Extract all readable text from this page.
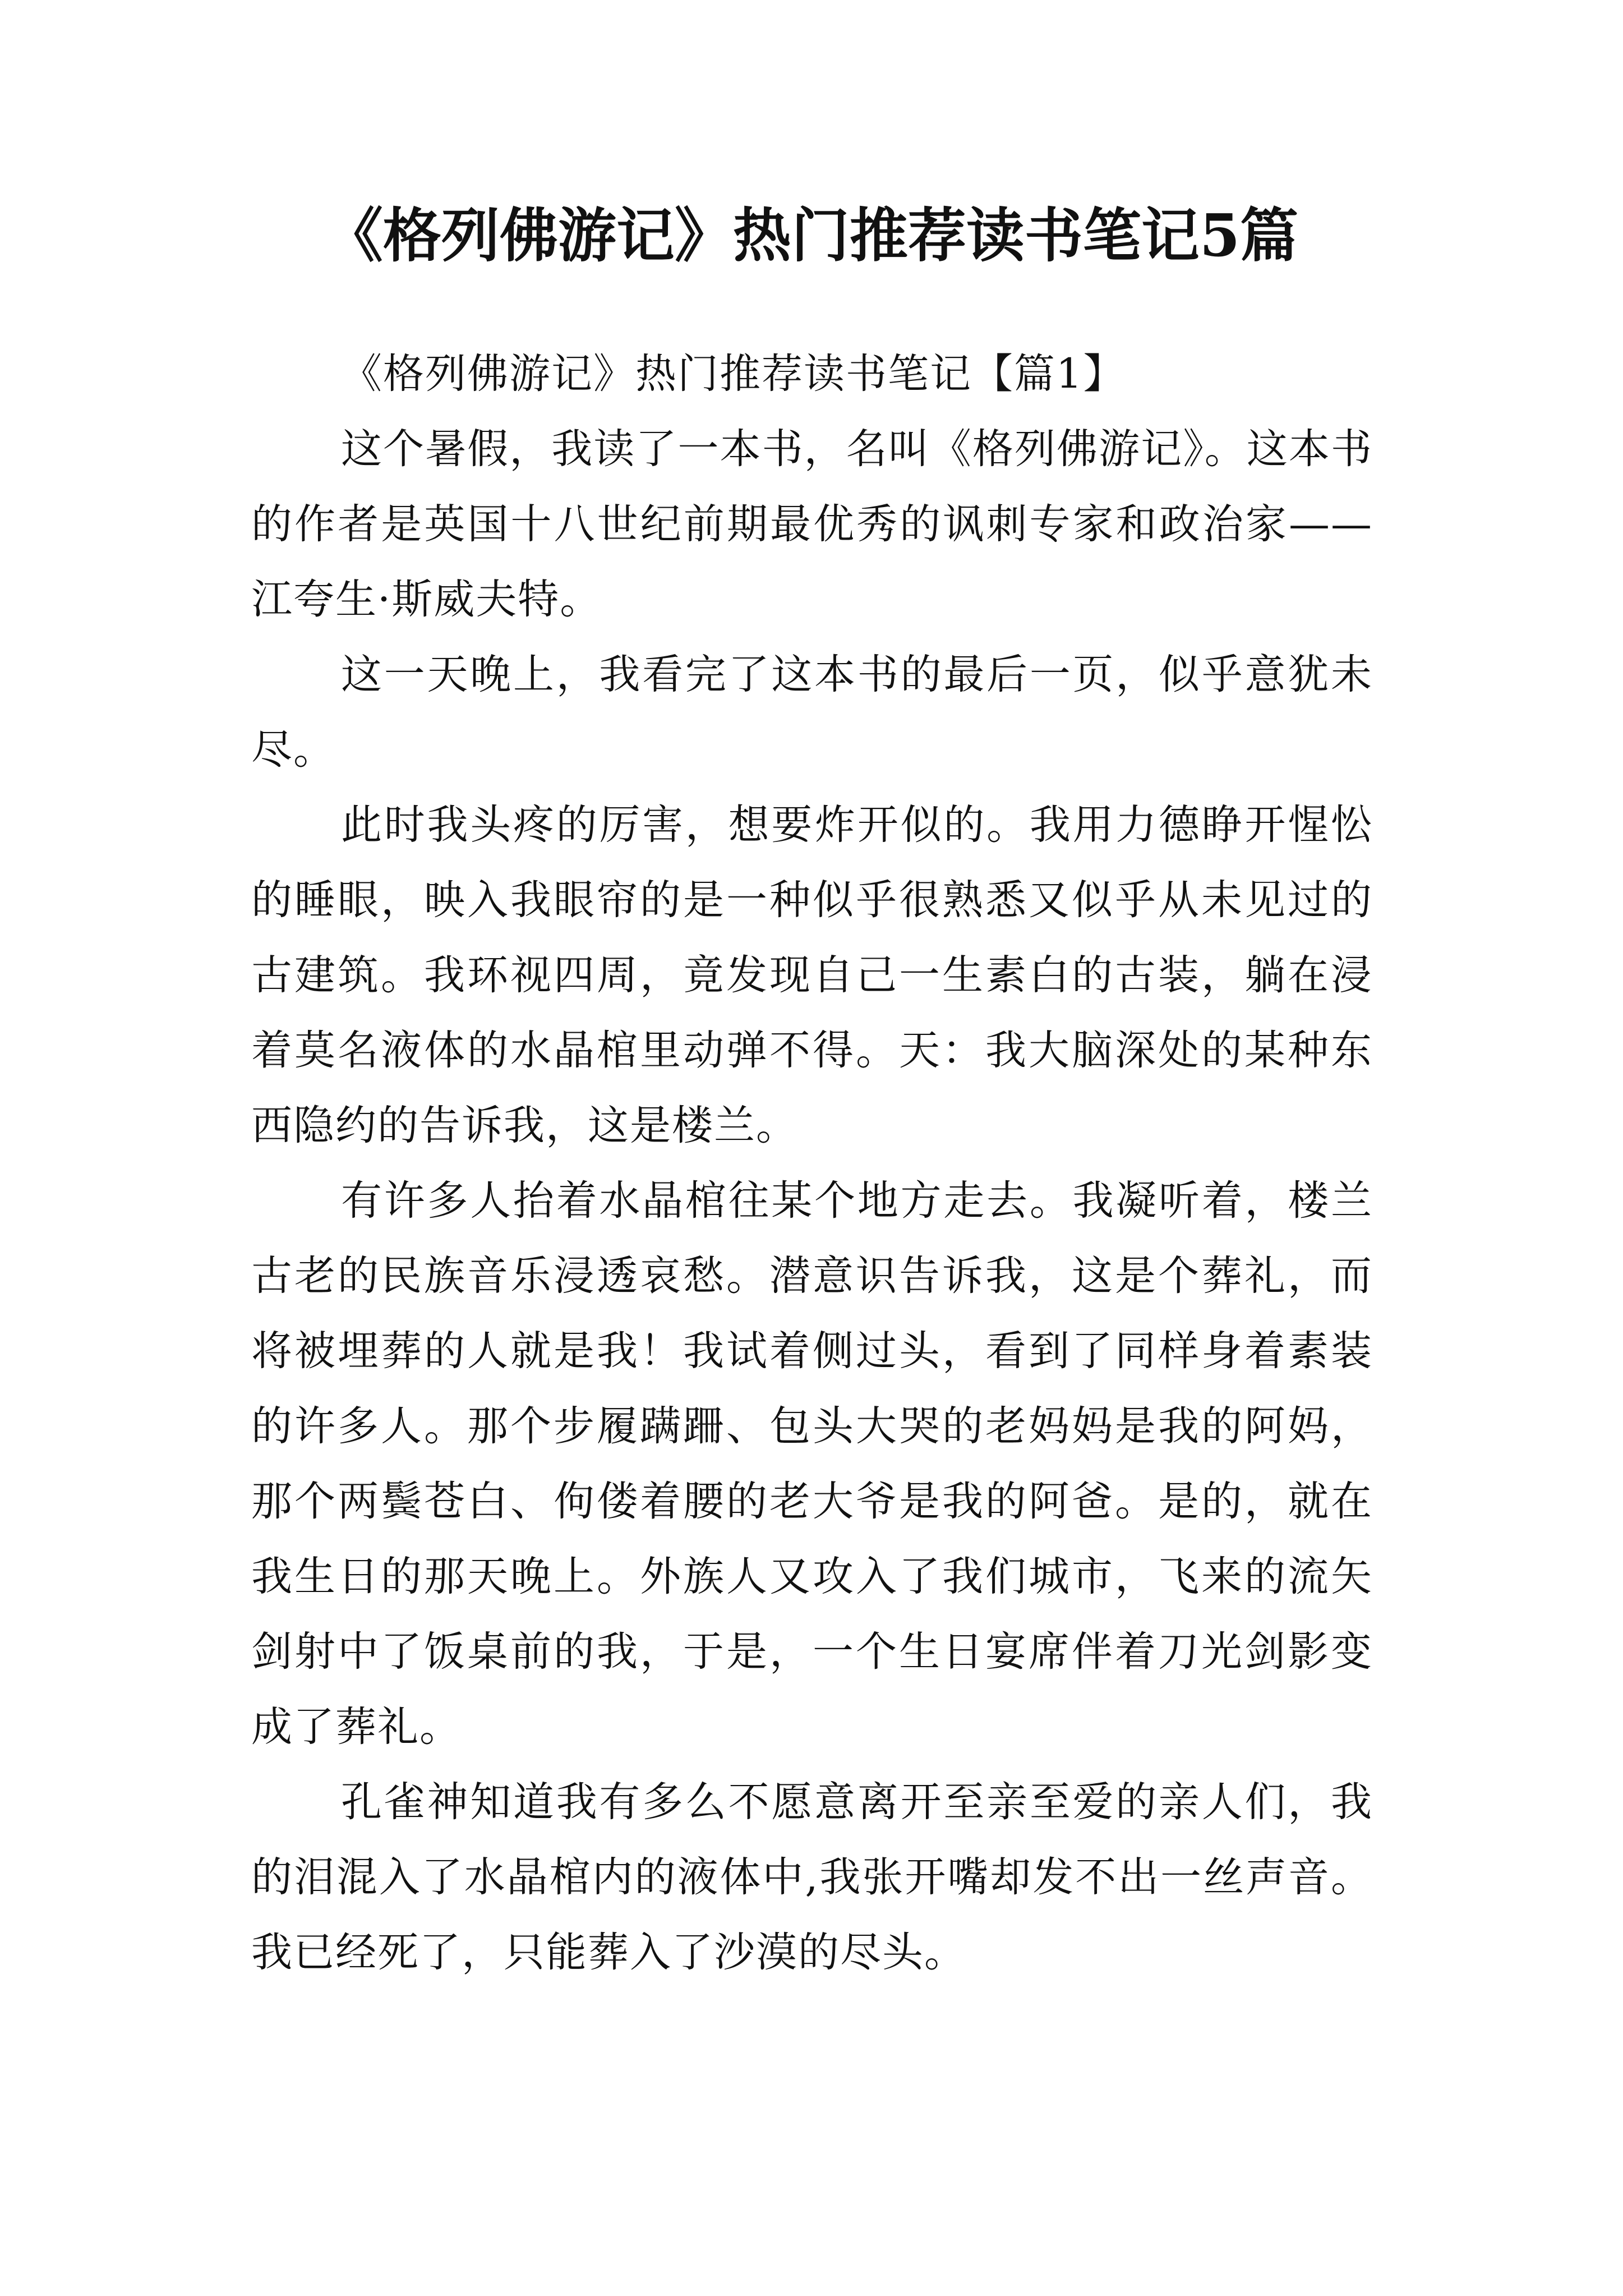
《格列佛游记》热门推荐读书笔记5篇

《格列佛游记》热门推荐读书笔记【篇1】

这个暑假，我读了一本书，名叫《格列佛游记》。这本书的作者是英国十八世纪前期最优秀的讽刺专家和政治家——江夸生·斯威夫特。

这一天晚上，我看完了这本书的最后一页，似乎意犹未尽。

此时我头疼的厉害，想要炸开似的。我用力德睁开惺忪的睡眼，映入我眼帘的是一种似乎很熟悉又似乎从未见过的古建筑。我环视四周，竟发现自己一生素白的古装，躺在浸着莫名液体的水晶棺里动弹不得。天：我大脑深处的某种东西隐约的告诉我，这是楼兰。

有许多人抬着水晶棺往某个地方走去。我凝听着，楼兰古老的民族音乐浸透哀愁。潜意识告诉我，这是个葬礼，而将被埋葬的人就是我！我试着侧过头，看到了同样身着素装的许多人。那个步履蹒跚、包头大哭的老妈妈是我的阿妈，那个两鬓苍白、佝偻着腰的老大爷是我的阿爸。是的，就在我生日的那天晚上。外族人又攻入了我们城市，飞来的流矢剑射中了饭桌前的我，于是，一个生日宴席伴着刀光剑影变成了葬礼。

孔雀神知道我有多么不愿意离开至亲至爱的亲人们，我的泪混入了水晶棺内的液体中,我张开嘴却发不出一丝声音。我已经死了，只能葬入了沙漠的尽头。
